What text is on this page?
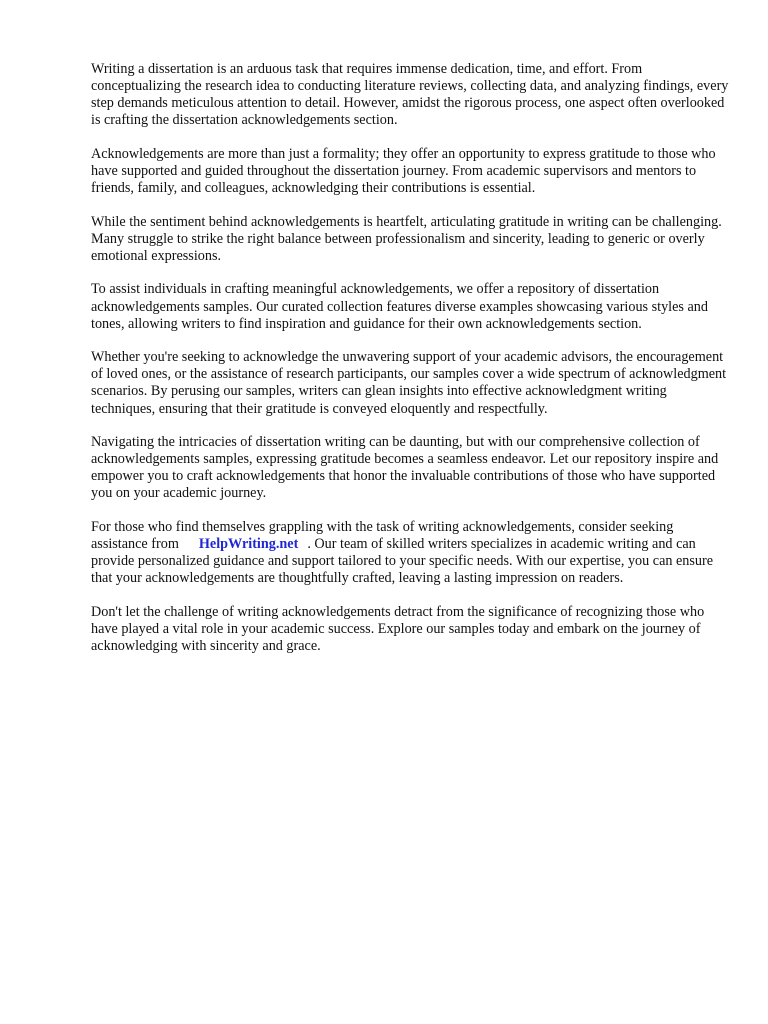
Writing a dissertation is an arduous task that requires immense dedication, time, and effort. From conceptualizing the research idea to conducting literature reviews, collecting data, and analyzing findings, every step demands meticulous attention to detail. However, amidst the rigorous process, one aspect often overlooked is crafting the dissertation acknowledgements section.

Acknowledgements are more than just a formality; they offer an opportunity to express gratitude to those who have supported and guided throughout the dissertation journey. From academic supervisors and mentors to friends, family, and colleagues, acknowledging their contributions is essential.

While the sentiment behind acknowledgements is heartfelt, articulating gratitude in writing can be challenging. Many struggle to strike the right balance between professionalism and sincerity, leading to generic or overly emotional expressions.

To assist individuals in crafting meaningful acknowledgements, we offer a repository of dissertation acknowledgements samples. Our curated collection features diverse examples showcasing various styles and tones, allowing writers to find inspiration and guidance for their own acknowledgements section.

Whether you're seeking to acknowledge the unwavering support of your academic advisors, the encouragement of loved ones, or the assistance of research participants, our samples cover a wide spectrum of acknowledgment scenarios. By perusing our samples, writers can glean insights into effective acknowledgment writing techniques, ensuring that their gratitude is conveyed eloquently and respectfully.

Navigating the intricacies of dissertation writing can be daunting, but with our comprehensive collection of acknowledgements samples, expressing gratitude becomes a seamless endeavor. Let our repository inspire and empower you to craft acknowledgements that honor the invaluable contributions of those who have supported you on your academic journey.

For those who find themselves grappling with the task of writing acknowledgements, consider seeking assistance from HelpWriting.net . Our team of skilled writers specializes in academic writing and can provide personalized guidance and support tailored to your specific needs. With our expertise, you can ensure that your acknowledgements are thoughtfully crafted, leaving a lasting impression on readers.

Don't let the challenge of writing acknowledgements detract from the significance of recognizing those who have played a vital role in your academic success. Explore our samples today and embark on the journey of acknowledging with sincerity and grace.
